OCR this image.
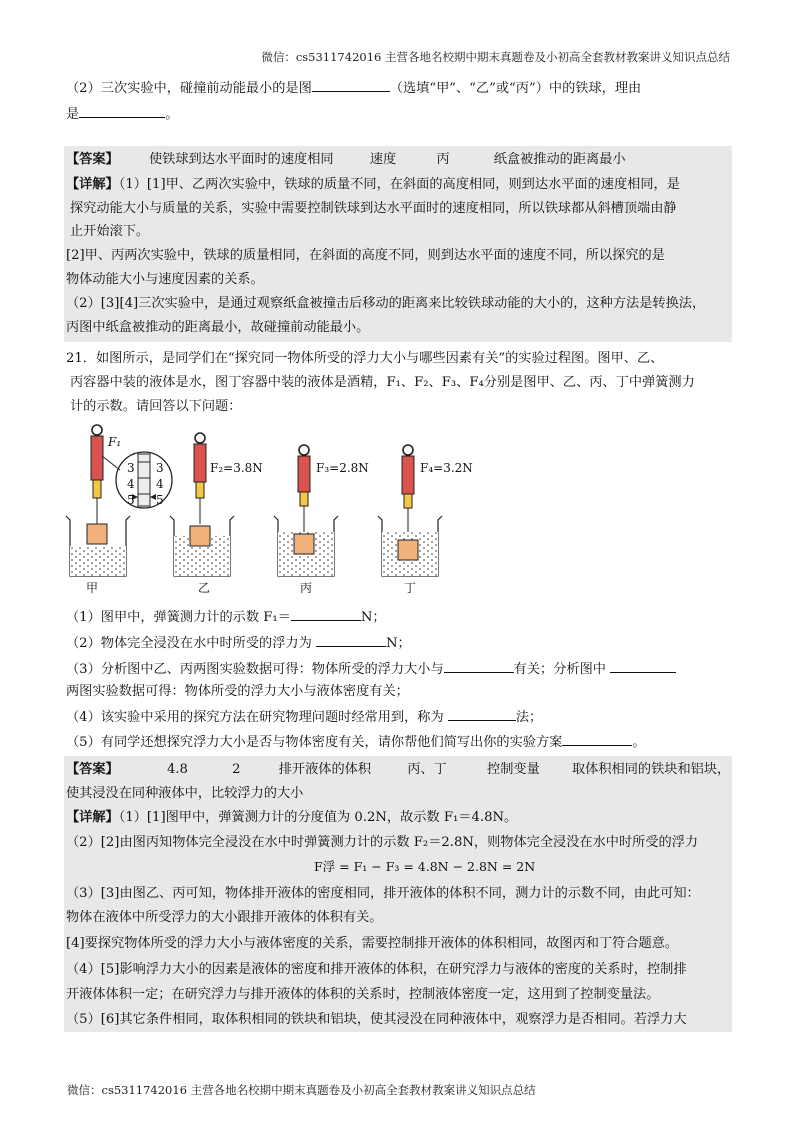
微信：cs5311742016 主营各地名校期中期末真题卷及小初高全套教材教案讲义知识点总结
（2）三次实验中，碰撞前动能最小的是图	（选填“甲”、“乙”或“丙”）中的铁球，理由
是	。
【答案】 使铁球到达水平面时的速度相同	速度	丙	纸盒被推动的距离最小
【详解】（1）[1]甲、乙两次实验中，铁球的质量不同，在斜面的高度相同，则到达水平面的速度相同，是
探究动能大小与质量的关系，实验中需要控制铁球到达水平面时的速度相同，所以铁球都从斜槽顶端由静
止开始滚下。
[2]甲、丙两次实验中，铁球的质量相同，在斜面的高度不同，则到达水平面的速度不同，所以探究的是
物体动能大小与速度因素的关系。
（2）[3][4]三次实验中，是通过观察纸盒被撞击后移动的距离来比较铁球动能的大小的，这种方法是转换法，
丙图中纸盒被推动的距离最小，故碰撞前动能最小。
21．如图所示，是同学们在“探究同一物体所受的浮力大小与哪些因素有关”的实验过程图。图甲、乙、
丙容器中装的液体是水，图丁容器中装的液体是酒精，F₁、F₂、F₃、F₄分别是图甲、乙、丙、丁中弹簧测力
计的示数。请回答以下问题：
F₁
3
4
5
3
4
5
F₂=3.8N	F₃=2.8N	F₄=3.2N
甲	乙	丙	丁
（1）图甲中，弹簧测力计的示数 F₁＝	N；
（2）物体完全浸没在水中时所受的浮力为	N；
（3）分析图中乙、丙两图实验数据可得：物体所受的浮力大小与	有关；分析图中
两图实验数据可得：物体所受的浮力大小与液体密度有关；
（4）该实验中采用的探究方法在研究物理问题时经常用到，称为	法；
（5）有同学还想探究浮力大小是否与物体密度有关，请你帮他们简写出你的实验方案	。
【答案】	4.8	2	排开液体的体积	丙、丁	控制变量 取体积相同的铁块和铝块，
使其浸没在同种液体中，比较浮力的大小
【详解】（1）[1]图甲中，弹簧测力计的分度值为 0.2N，故示数 F₁＝4.8N。
（2）[2]由图丙知物体完全浸没在水中时弹簧测力计的示数 F₂＝2.8N，则物体完全浸没在水中时所受的浮力
F浮 = F₁ − F₃ = 4.8N − 2.8N = 2N
（3）[3]由图乙、丙可知，物体排开液体的密度相同，排开液体的体积不同，测力计的示数不同，由此可知：
物体在液体中所受浮力的大小跟排开液体的体积有关。
[4]要探究物体所受的浮力大小与液体密度的关系，需要控制排开液体的体积相同，故图丙和丁符合题意。
（4）[5]影响浮力大小的因素是液体的密度和排开液体的体积，在研究浮力与液体的密度的关系时，控制排
开液体体积一定；在研究浮力与排开液体的体积的关系时，控制液体密度一定，这用到了控制变量法。
（5）[6]其它条件相同，取体积相同的铁块和铝块，使其浸没在同种液体中，观察浮力是否相同。若浮力大
微信：cs5311742016 主营各地名校期中期末真题卷及小初高全套教材教案讲义知识点总结
